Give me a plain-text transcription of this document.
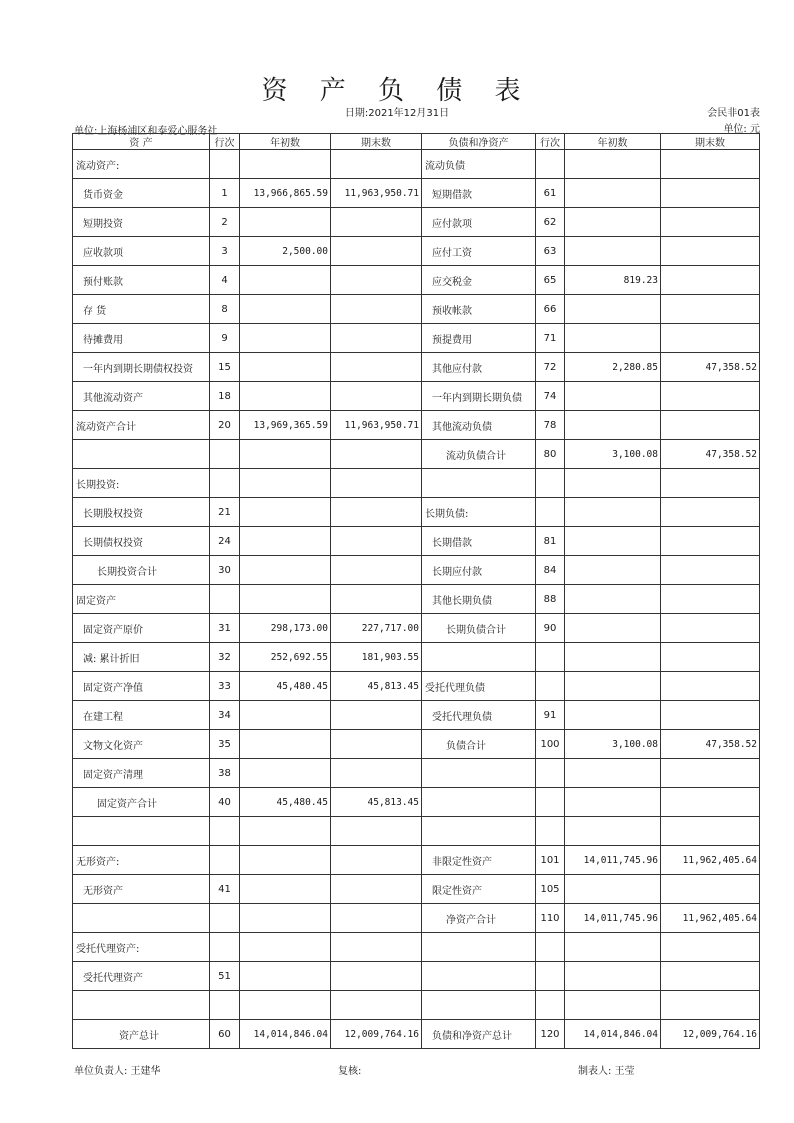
资 产 负 债 表
日期:2021年12月31日	会民非01表
单位:上海杨浦区和泰爱心服务社	单位: 元
资 产	行次	年初数	期末数	负债和净资产	行次	年初数	期末数
流动资产:				流动负债			
货币资金	1	13,966,865.59	11,963,950.71	短期借款	61		
短期投资	2			应付款项	62		
应收款项	3	2,500.00		应付工资	63		
预付账款	4			应交税金	65	819.23	
存 货	8			预收帐款	66		
待摊费用	9			预提费用	71		
一年内到期长期债权投资	15			其他应付款	72	2,280.85	47,358.52
其他流动资产	18			一年内到期长期负债	74		
流动资产合计	20	13,969,365.59	11,963,950.71	其他流动负债	78		
				流动负债合计	80	3,100.08	47,358.52
长期投资:							
长期股权投资	21			长期负债:			
长期债权投资	24			长期借款	81		
长期投资合计	30			长期应付款	84		
固定资产				其他长期负债	88		
固定资产原价	31	298,173.00	227,717.00	长期负债合计	90		
减: 累计折旧	32	252,692.55	181,903.55				
固定资产净值	33	45,480.45	45,813.45	受托代理负债			
在建工程	34			受托代理负债	91		
文物文化资产	35			负债合计	100	3,100.08	47,358.52
固定资产清理	38						
固定资产合计	40	45,480.45	45,813.45				

无形资产:				非限定性资产	101	14,011,745.96	11,962,405.64
无形资产	41			限定性资产	105		
				净资产合计	110	14,011,745.96	11,962,405.64
受托代理资产:							
受托代理资产	51						

资产总计	60	14,014,846.04	12,009,764.16	负债和净资产总计	120	14,014,846.04	12,009,764.16
单位负责人: 王建华	复核:	制表人: 王莹
